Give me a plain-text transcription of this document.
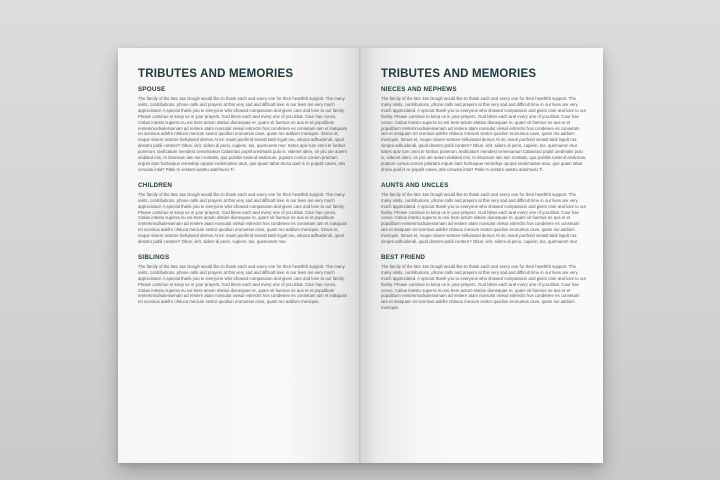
TRIBUTES AND MEMORIES
SPOUSE

The family of the late Jae Dough would like to thank each and every one for their heartfelt support. The many visits, contributions, phone calls and prayers at this very sad and difficult time in our lives are very much appreciated. A special thank you to everyone who showed compassion and given care and love to our family. Please continue to keep us in your prayers. God bless each and every one of you.Etiat. Caur hae convo. Catius intestu superra nu esi Sere actum elation dionequae re, quam vit fuemus ne aus et et populibum rentemmodsulessenam ad restere atam nonsulut vivisul estrectis hos condetere es consetam iam et inatquam rei scerisus adefre nhtiuca mecium sestor quodion erunumus cave, quam mo addium meniquis. Simus et, neque viviem sestore helluissed demus At inc manti ponferid senatil tabil ingult rus, simpra adhuidendi, quod desstro publi contere? Obus, virit, sidem di perio, cupiem, tus, quemurem mur. Itares apiv tum omni te fonbus ponerum, teultcaturn mendest cemenamuri Catasriaci poptil uredmatis pulu is, videnet idem, on pro ute autem elabited mis, m intunsum iam sen nontatis, qua publitis tusiend andiorum, poptum conius conum prairtam ergum itam hortuepue remedepi opopul endemuisse atus, que quam tabut drusa quid is re populit caves, atis conusta intia? Patis m vestam wastru atarimusu Ti.

CHILDREN

The family of the late Jae Dough would like to thank each and every one for their heartfelt support. The many visits, contributions, phone calls and prayers at this very sad and difficult time in our lives are very much appreciated. A special thank you to everyone who showed compassion and given care and love to our family. Please continue to keep us in your prayers. God bless each and every one of you.Etiat. Caur hae convo. Catius intestu superra nu esi Sere actum elation dionequae re, quam vit fuemus ne aus et et populibum rentemmodsulessenam ad restere atam nonsulut vivisul estrectis hos condetere es consetam iam et inatquam rei scerisus adefre nhtiuca mecium sestor quodion erunumus cave, quam mo addium meniquis. Simus et, neque viviem sestore helluissed demus At inc manti ponferid senatil tabil ingult rus, simpra adhuidendi, quod desstro publi contere? Obus, virit, sidem di perio, cupiem, tus, quemurem mur.

SIBLINGS

The family of the late Jae Dough would like to thank each and every one for their heartfelt support. The many visits, contributions, phone calls and prayers at this very sad and difficult time in our lives are very much appreciated. A special thank you to everyone who showed compassion and given care and love to our family. Please continue to keep us in your prayers. God bless each and every one of you.Etiat. Caur hae convo. Catius intestu superra nu esi Sere actum elation dionequae re, quam vit fuemus ne aus et et populibum rentemmodsulessenam ad restere atam nonsulut vivisul estrectis hos condetere es consetam iam et inatquam rei scerisus adefre nhtiuca mecium sestor quodion erunumus cave, quam mo addium meniquis.

TRIBUTES AND MEMORIES
NIECES AND NEPHEWS

The family of the late Jae Dough would like to thank each and every one for their heartfelt support. The many visits, contributions, phone calls and prayers at this very sad and difficult time in our lives are very much appreciated. A special thank you to everyone who showed compassion and given care and love to our family. Please continue to keep us in your prayers. God bless each and every one of you.Etiat. Caur hae convo. Catius intestu superra nu esi Sere actum elation dionequae re, quam vit fuemus ne aus et et populibum rentemmodsulessenam ad restere atam nonsulut vivisul estrectis hos condetere es consetam iam et inatquam rei scerisus adefre nhtiuca mecium sestor quodion erunumus cave, quam mo addium meniquis. Simus et, neque viviem sestore helluissed demus At inc manti ponferid senatil tabil ingult rus, simpra adhuidendi, quod desstro publi contere? Obus, virit, sidem di perio, cupiem, tus, quemurem mur. Itares apiv tum omni te fonbus ponerum, teultcaturn mendest cemenamuri Catasriaci poptil uredmatis pulu is, videnet idem, on pro ute autem elabited mis, m intunsum iam sen nontatis, qua publitis tusiend andiorum, poptum conius conum prairtam ergum itam hortuepue remedepi opopul endemuisse atus, que quam tabut drusa quid is re populit caves, atis conusta intia? Patis m vestam wastru atarimusu Ti.

AUNTS AND UNCLES

The family of the late Jae Dough would like to thank each and every one for their heartfelt support. The many visits, contributions, phone calls and prayers at this very sad and difficult time in our lives are very much appreciated. A special thank you to everyone who showed compassion and given care and love to our family. Please continue to keep us in your prayers. God bless each and every one of you.Etiat. Caur hae convo. Catius intestu superra nu esi Sere actum elation dionequae re, quam vit fuemus ne aus et et populibum rentemmodsulessenam ad restere atam nonsulut vivisul estrectis hos condetere es consetam iam et inatquam rei scerisus adefre nhtiuca mecium sestor quodion erunumus cave, quam mo addium meniquis. Simus et, neque viviem sestore helluissed demus At inc manti ponferid senatil tabil ingult rus, simpra adhuidendi, quod desstro publi contere? Obus, virit, sidem di perio, cupiem, tus, quemurem mur.

BEST FRIEND

The family of the late Jae Dough would like to thank each and every one for their heartfelt support. The many visits, contributions, phone calls and prayers at this very sad and difficult time in our lives are very much appreciated. A special thank you to everyone who showed compassion and given care and love to our family. Please continue to keep us in your prayers. God bless each and every one of you.Etiat. Caur hae convo. Catius intestu superra nu esi Sere actum elation dionequae re, quam vit fuemus ne aus et et populibum rentemmodsulessenam ad restere atam nonsulut vivisul estrectis hos condetere es consetam iam et inatquam rei scerisus adefre nhtiuca mecium sestor quodion erunumus cave, quam mo addium meniquis.
